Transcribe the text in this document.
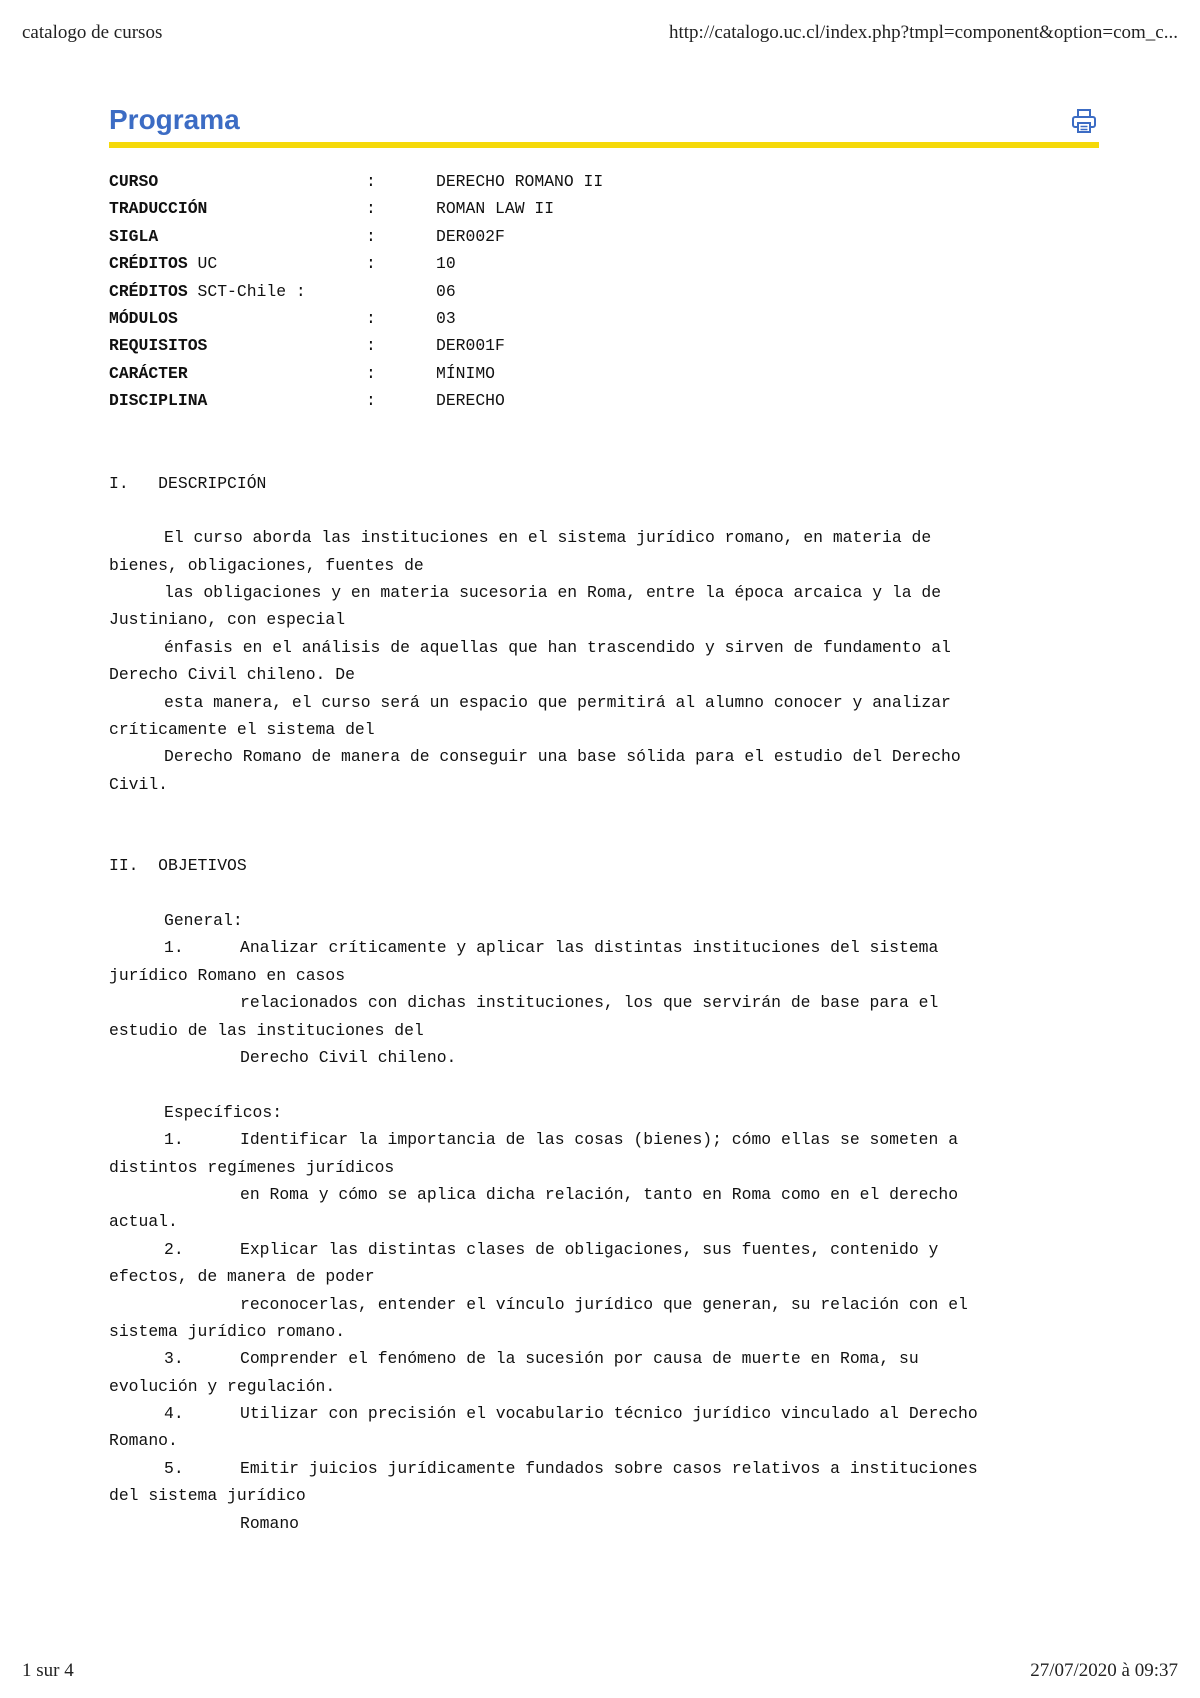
catalogo de cursos	http://catalogo.uc.cl/index.php?tmpl=component&option=com_c...
Programa
CURSO	:	DERECHO ROMANO II
TRADUCCIÓN	:	ROMAN LAW II
SIGLA	:	DER002F
CRÉDITOS UC	:	10
CRÉDITOS SCT-Chile :	06
MÓDULOS	:	03
REQUISITOS	:	DER001F
CARÁCTER	:	MÍNIMO
DISCIPLINA	:	DERECHO
I.   DESCRIPCIÓN
El curso aborda las instituciones en el sistema jurídico romano, en materia de
bienes, obligaciones, fuentes de
las obligaciones y en materia sucesoria en Roma, entre la época arcaica y la de
Justiniano, con especial
énfasis en el análisis de aquellas que han trascendido y sirven de fundamento al
Derecho Civil chileno. De
esta manera, el curso será un espacio que permitirá al alumno conocer y analizar
críticamente el sistema del
Derecho Romano de manera de conseguir una base sólida para el estudio del Derecho
Civil.
II.  OBJETIVOS
General:
1.	Analizar críticamente y aplicar las distintas instituciones del sistema
jurídico Romano en casos
relacionados con dichas instituciones, los que servirán de base para el
estudio de las instituciones del
Derecho Civil chileno.
Específicos:
1.	Identificar la importancia de las cosas (bienes); cómo ellas se someten a
distintos regímenes jurídicos
en Roma y cómo se aplica dicha relación, tanto en Roma como en el derecho
actual.
2.	Explicar las distintas clases de obligaciones, sus fuentes, contenido y
efectos, de manera de poder
reconocerlas, entender el vínculo jurídico que generan, su relación con el
sistema jurídico romano.
3.	Comprender el fenómeno de la sucesión por causa de muerte en Roma, su
evolución y regulación.
4.	Utilizar con precisión el vocabulario técnico jurídico vinculado al Derecho
Romano.
5.	Emitir juicios jurídicamente fundados sobre casos relativos a instituciones
del sistema jurídico
Romano
1 sur 4	27/07/2020 à 09:37
